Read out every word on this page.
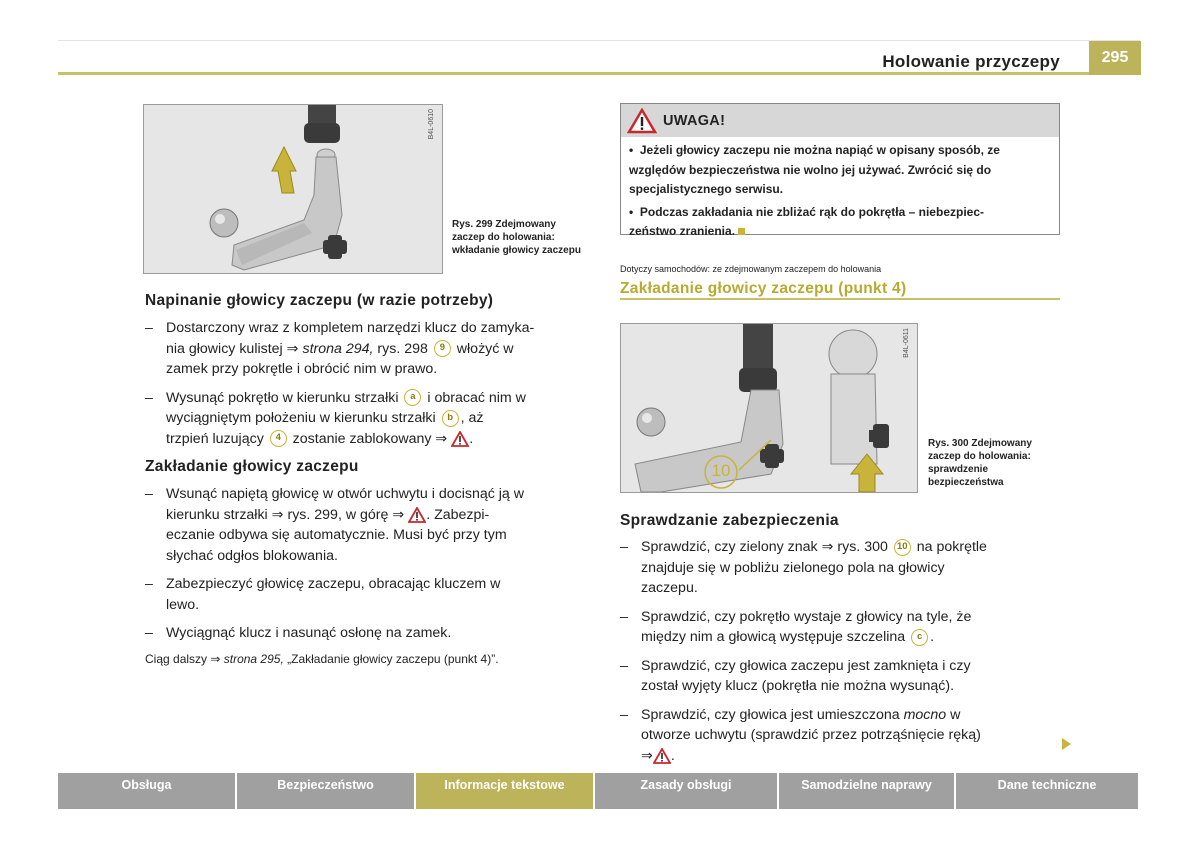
Holowanie przyczepy	295
B4L-0610
Rys. 299 Zdejmowany zaczep do holowania: wkładanie głowicy zaczepu
Napinanie głowicy zaczepu (w razie potrzeby)
– Dostarczony wraz z kompletem narzędzi klucz do zamyka-
nia głowicy kulistej ⇒ strona 294, rys. 298 9 włożyć w
zamek przy pokrętle i obrócić nim w prawo.
– Wysunąć pokrętło w kierunku strzałki a i obracać nim w
wyciągniętym położeniu w kierunku strzałki b , aż
trzpień luzujący 4 zostanie zablokowany ⇒ .
Zakładanie głowicy zaczepu
– Wsunąć napiętą głowicę w otwór uchwytu i docisnąć ją w
kierunku strzałki ⇒ rys. 299, w górę ⇒ . Zabezpi-
eczanie odbywa się automatycznie. Musi być przy tym
słychać odgłos blokowania.
– Zabezpieczyć głowicę zaczepu, obracając kluczem w
lewo.
– Wyciągnąć klucz i nasunąć osłonę na zamek.
Ciąg dalszy ⇒ strona 295, „Zakładanie głowicy zaczepu (punkt 4)”.
UWAGA!

•  Jeżeli głowicy zaczepu nie można napiąć w opisany sposób, ze
względów bezpieczeństwa nie wolno jej używać. Zwrócić się do
specjalistycznego serwisu.

•  Podczas zakładania nie zbliżać rąk do pokrętła – niebezpiec-
zeństwo zranienia.

Dotyczy samochodów: ze zdejmowanym zaczepem do holowania
Zakładanie głowicy zaczepu (punkt 4)
10
B4L-0611
Rys. 300 Zdejmowany zaczep do holowania: sprawdzenie bezpieczeństwa
Sprawdzanie zabezpieczenia
– Sprawdzić, czy zielony znak ⇒ rys. 300 10 na pokrętle
znajduje się w pobliżu zielonego pola na głowicy
zaczepu.
– Sprawdzić, czy pokrętło wystaje z głowicy na tyle, że
między nim a głowicą występuje szczelina c .
– Sprawdzić, czy głowica zaczepu jest zamknięta i czy
został wyjęty klucz (pokrętła nie można wysunąć).
– Sprawdzić, czy głowica jest umieszczona mocno w
otworze uchwytu (sprawdzić przez potrząśnięcie ręką)
⇒ .
Obsługa	Bezpieczeństwo	Informacje tekstowe	Zasady obsługi	Samodzielne naprawy	Dane techniczne
